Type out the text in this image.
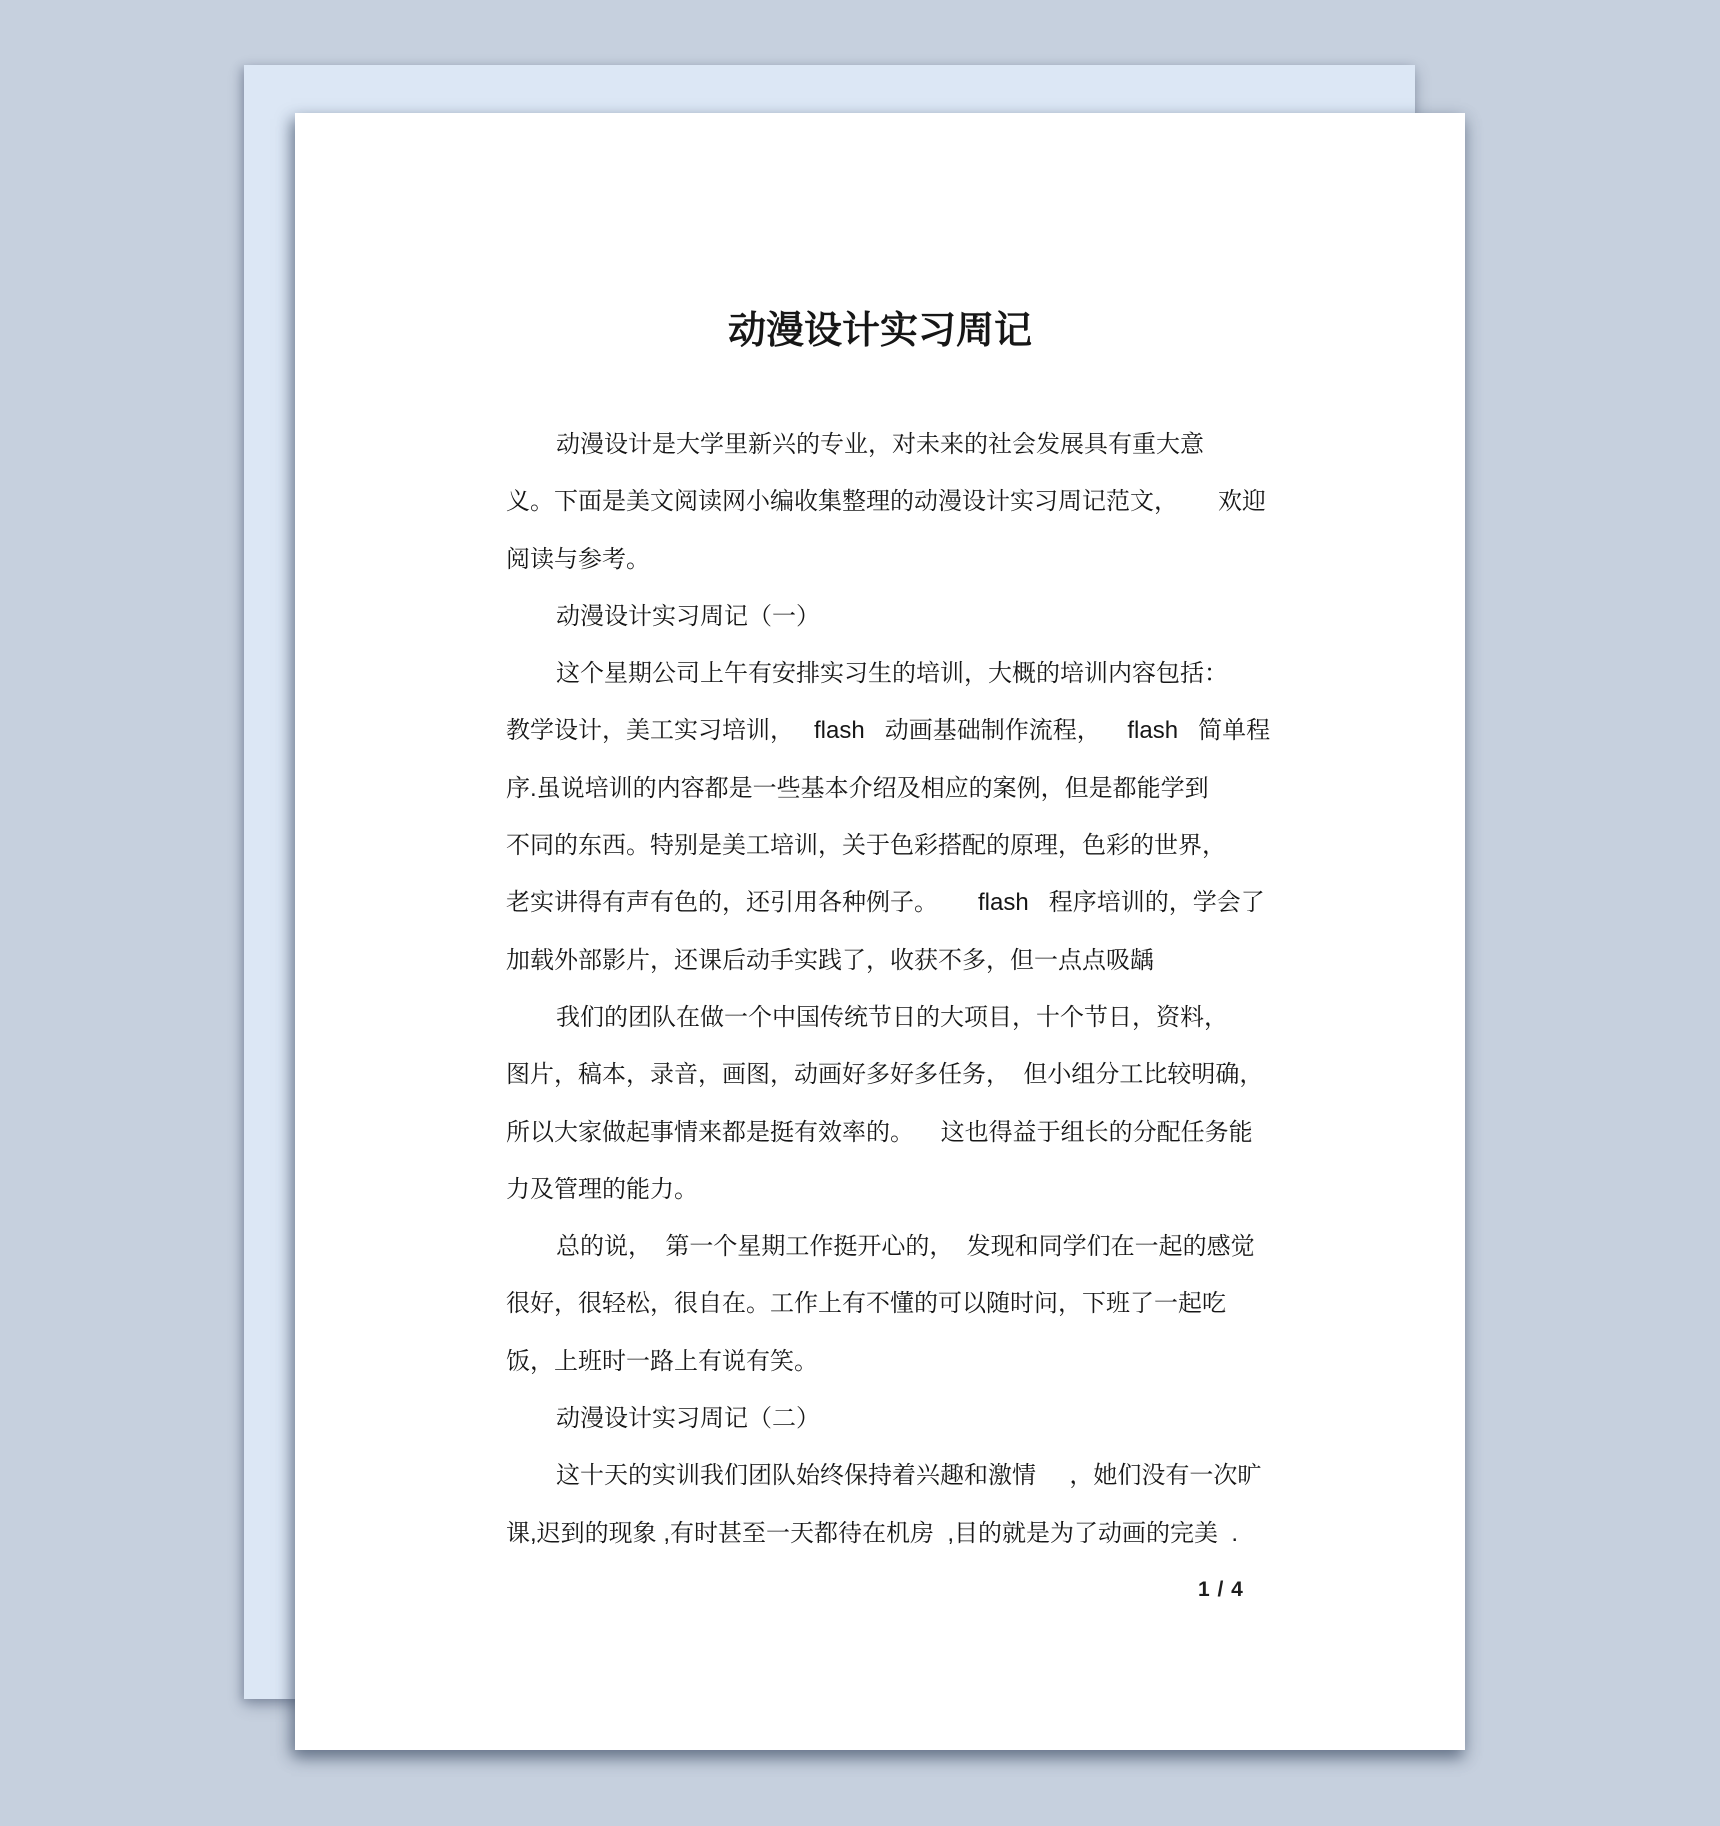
动漫设计实习周记
动漫设计是大学里新兴的专业，对未来的社会发展具有重大意
义。下面是美文阅读网小编收集整理的动漫设计实习周记范文，      欢迎
阅读与参考。
动漫设计实习周记（一）
这个星期公司上午有安排实习生的培训，大概的培训内容包括：
教学设计，美工实习培训，   flash   动画基础制作流程，    flash   简单程
序.虽说培训的内容都是一些基本介绍及相应的案例，但是都能学到
不同的东西。特别是美工培训，关于色彩搭配的原理，色彩的世界，
老实讲得有声有色的，还引用各种例子。      flash   程序培训的，学会了
加载外部影片，还课后动手实践了，收获不多，但一点点吸龋
我们的团队在做一个中国传统节日的大项目，十个节日，资料，
图片，稿本，录音，画图，动画好多好多任务，  但小组分工比较明确，
所以大家做起事情来都是挺有效率的。    这也得益于组长的分配任务能
力及管理的能力。
总的说，  第一个星期工作挺开心的，  发现和同学们在一起的感觉
很好，很轻松，很自在。工作上有不懂的可以随时问，下班了一起吃
饭，上班时一路上有说有笑。
动漫设计实习周记（二）
这十天的实训我们团队始终保持着兴趣和激情     ，她们没有一次旷
课,迟到的现象 ,有时甚至一天都待在机房  ,目的就是为了动画的完美  .
1 / 4
